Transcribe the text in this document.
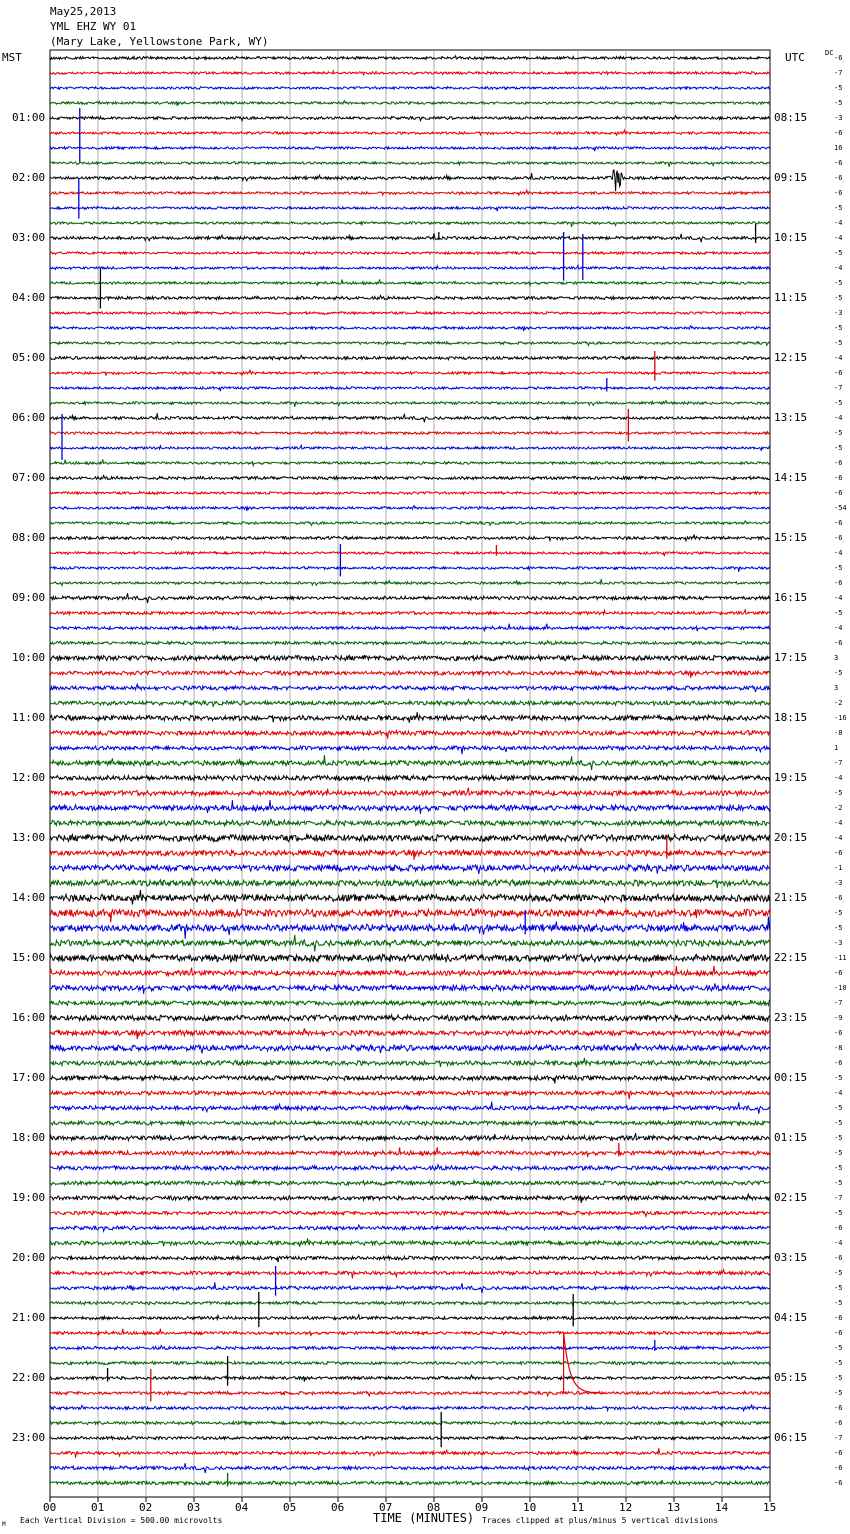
May25,2013
YML EHZ WY 01
(Mary Lake, Yellowstone Park, WY)
MST	UTC	DC
01:00
02:00
03:00
04:00
05:00
06:00
07:00
08:00
09:00
10:00
11:00
12:00
13:00
14:00
15:00
16:00
17:00
18:00
19:00
20:00
21:00
22:00
23:00
08:15
09:15
10:15
11:15
12:15
13:15
14:15
15:15
16:15
17:15
18:15
19:15
20:15
21:15
22:15
23:15
00:15
01:15
02:15
03:15
04:15
05:15
06:15
-6
-7
-5
-5
-3
-6
16
-6
-6
-6
-5
-4
-4
-5
-4
-5
-5
-3
-5
-5
-4
-6
-7
-5
-4
-5
-5
-6
-6
-6
-54
-6
-6
-4
-5
-6
-4
-5
-4
-6
3
-5
3
-2
-16
-8
1
-7
-4
-5
-2
-4
-4
-6
-1
-3
-6
-5
-5
-3
-11
-6
-10
-7
-9
-6
-8
-6
-5
-4
-5
-5
-5
-5
-5
-5
-7
-5
-6
-4
-6
-5
-5
-5
-6
-6
-5
-5
-5
-5
-6
-6
-7
-6
-6
-6
00	01	02	03	04	05	06	07	08	09	10	11	12	13	14	15
TIME (MINUTES)
M Each Vertical Division = 500.00 microvolts	Traces clipped at plus/minus 5 vertical divisions
